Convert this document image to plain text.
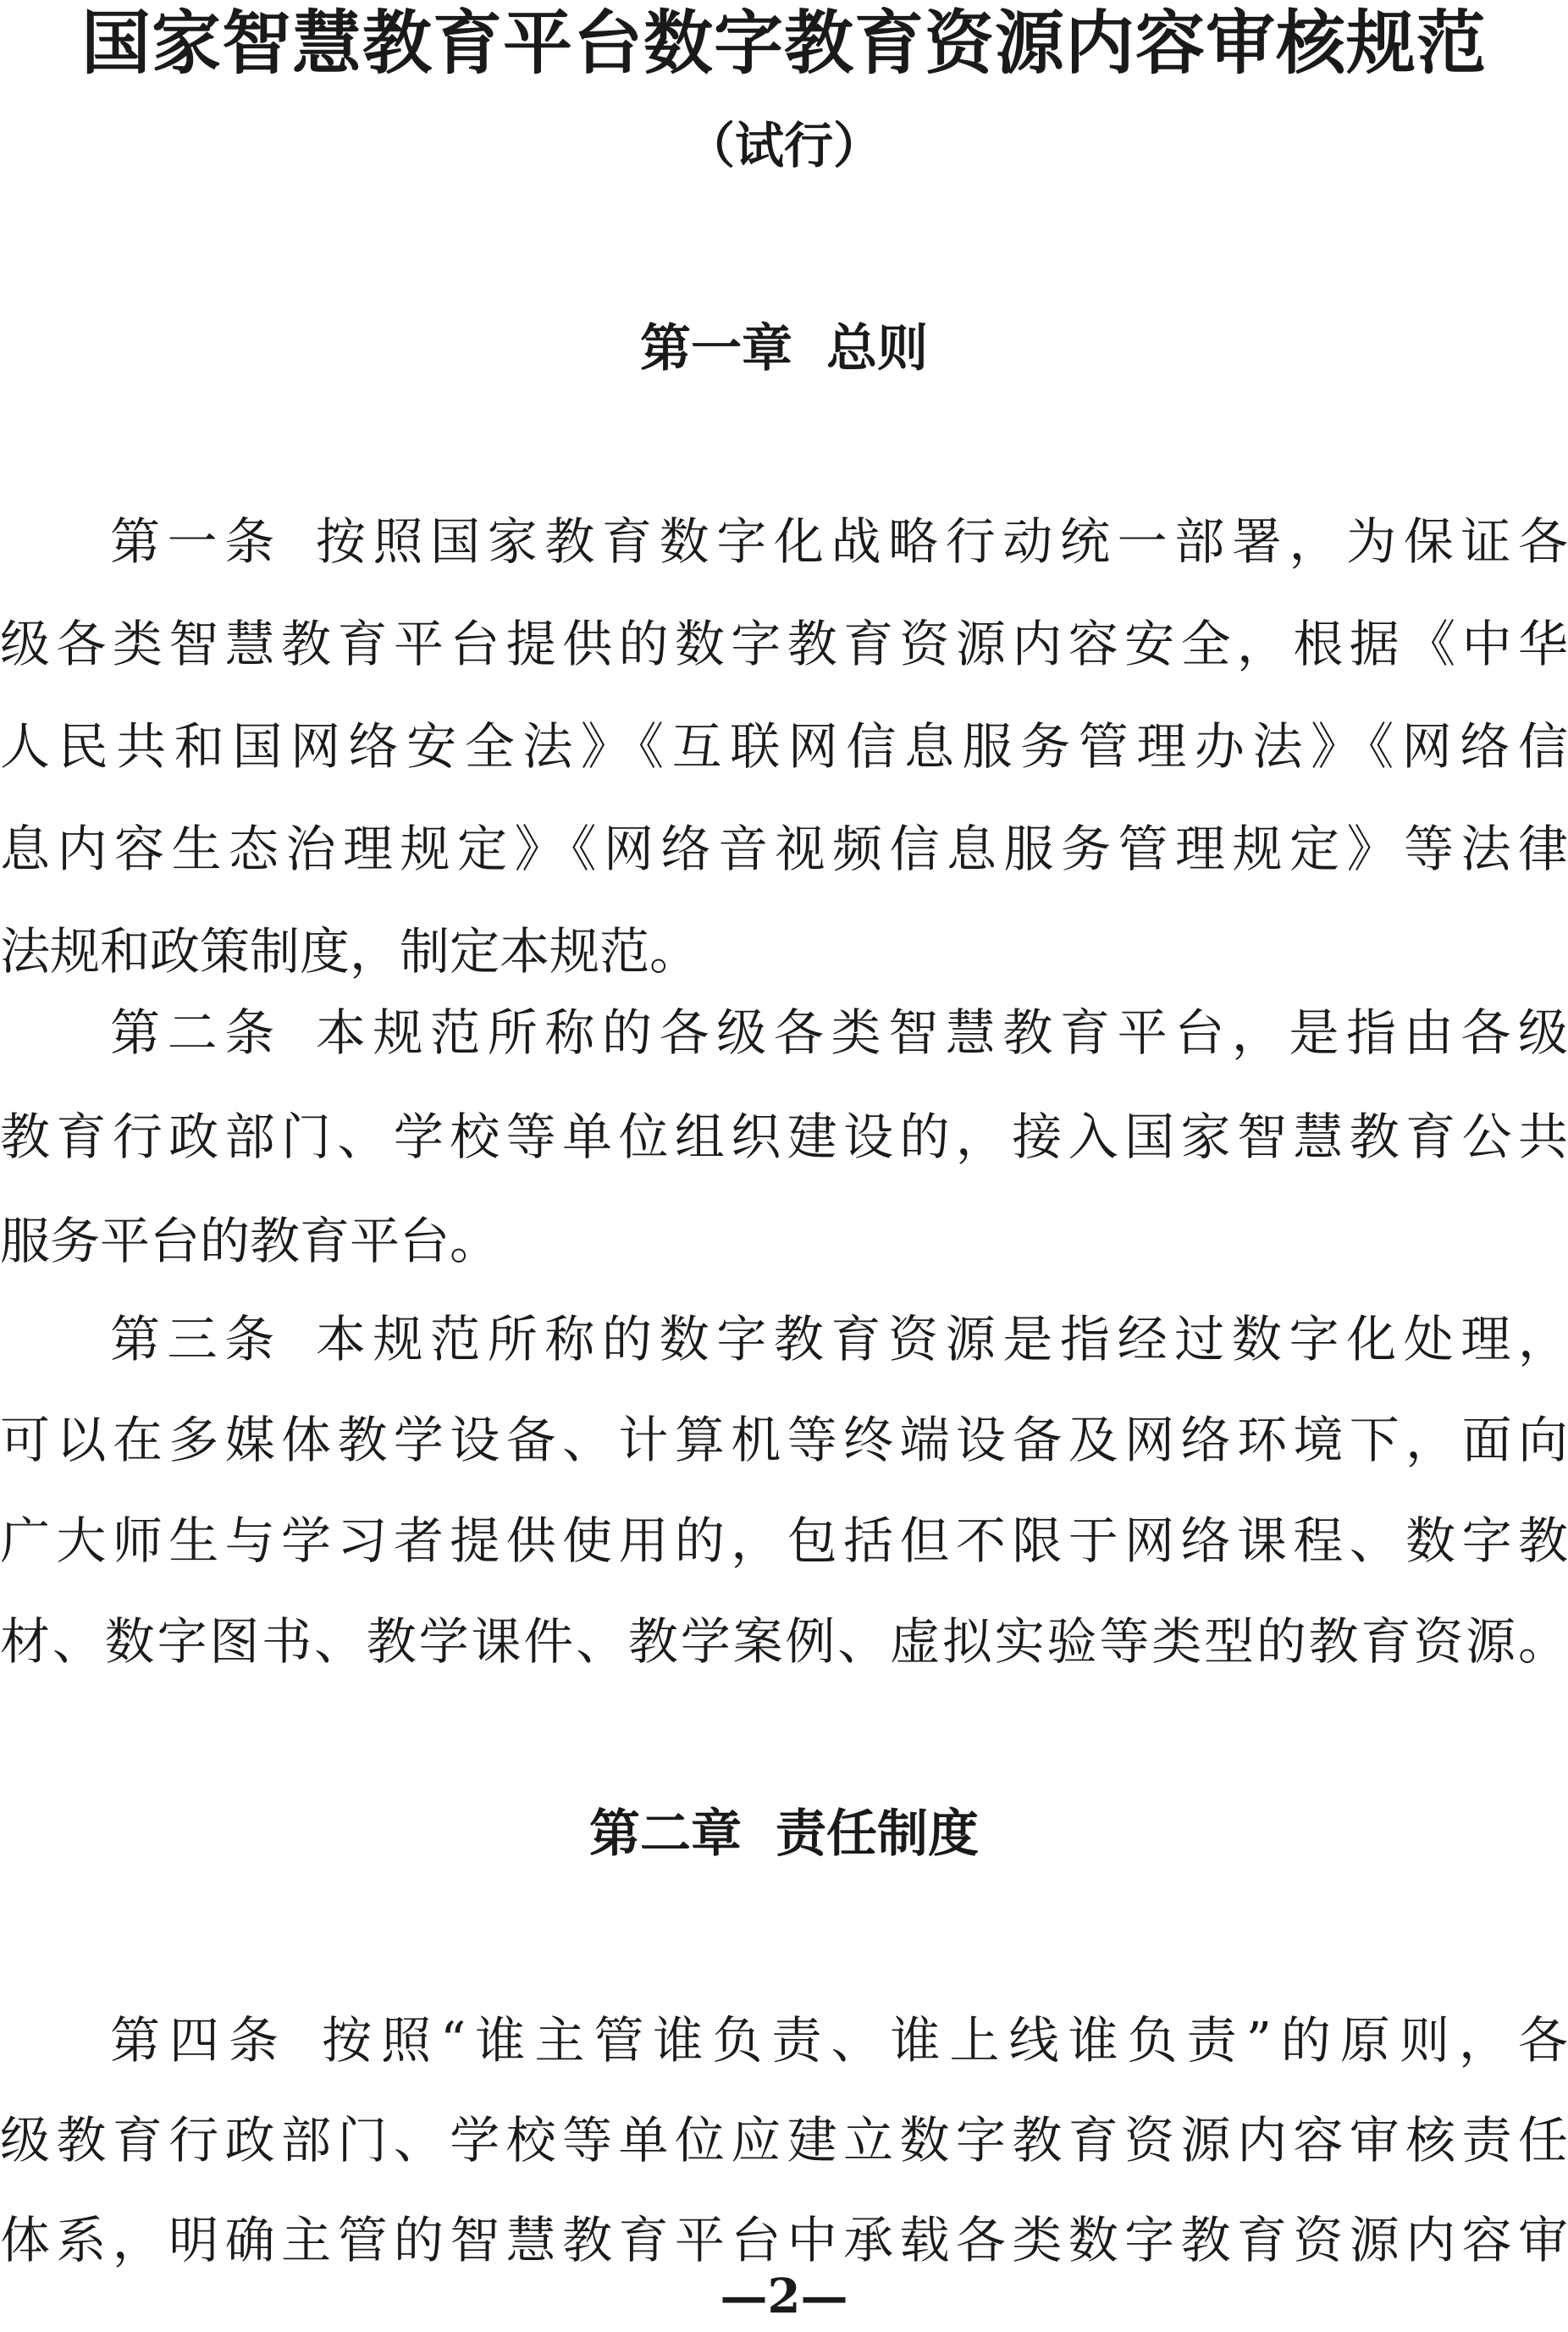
国家智慧教育平台数字教育资源内容审核规范
（试行）
第一章 总则

第一条 按照国家教育数字化战略行动统一部署，为保证各

级各类智慧教育平台提供的数字教育资源内容安全，根据《中华

人民共和国网络安全法》《互联网信息服务管理办法》《网络信

息内容生态治理规定》《网络音视频信息服务管理规定》等法律

法规和政策制度，制定本规范。

第二条 本规范所称的各级各类智慧教育平台，是指由各级

教育行政部门、学校等单位组织建设的，接入国家智慧教育公共

服务平台的教育平台。

第三条 本规范所称的数字教育资源是指经过数字化处理，

可以在多媒体教学设备、计算机等终端设备及网络环境下，面向

广大师生与学习者提供使用的，包括但不限于网络课程、数字教

材、数字图书、教学课件、教学案例、虚拟实验等类型的教育资源。

第二章 责任制度

第四条 按照“谁主管谁负责、谁上线谁负责”的原则，各

级教育行政部门、学校等单位应建立数字教育资源内容审核责任

体系，明确主管的智慧教育平台中承载各类数字教育资源内容审

—2—
